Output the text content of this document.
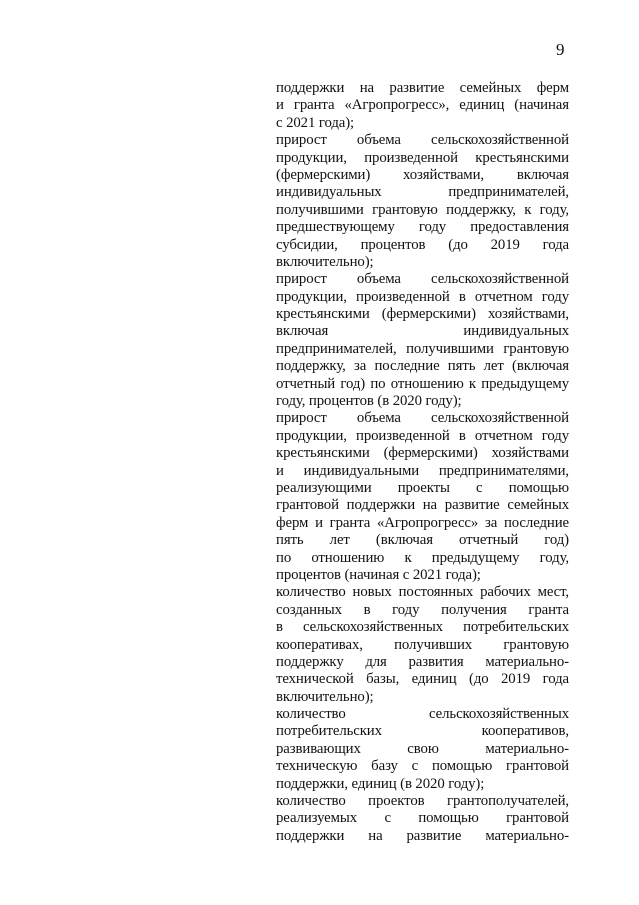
9
поддержки на развитие семейных ферм
и гранта «Агропрогресс», единиц (начиная
с 2021 года);
прирост объема сельскохозяйственной
продукции, произведенной крестьянскими
(фермерскими) хозяйствами, включая
индивидуальных предпринимателей,
получившими грантовую поддержку, к году,
предшествующему году предоставления
субсидии, процентов (до 2019 года
включительно);
прирост объема сельскохозяйственной
продукции, произведенной в отчетном году
крестьянскими (фермерскими) хозяйствами,
включая индивидуальных
предпринимателей, получившими грантовую
поддержку, за последние пять лет (включая
отчетный год) по отношению к предыдущему
году, процентов (в 2020 году);
прирост объема сельскохозяйственной
продукции, произведенной в отчетном году
крестьянскими (фермерскими) хозяйствами
и индивидуальными предпринимателями,
реализующими проекты с помощью
грантовой поддержки на развитие семейных
ферм и гранта «Агропрогресс» за последние
пять лет (включая отчетный год)
по отношению к предыдущему году,
процентов (начиная с 2021 года);
количество новых постоянных рабочих мест,
созданных в году получения гранта
в сельскохозяйственных потребительских
кооперативах, получивших грантовую
поддержку для развития материально-
технической базы, единиц (до 2019 года
включительно);
количество сельскохозяйственных
потребительских кооперативов,
развивающих свою материально-
техническую базу с помощью грантовой
поддержки, единиц (в 2020 году);
количество проектов грантополучателей,
реализуемых с помощью грантовой
поддержки на развитие материально-
